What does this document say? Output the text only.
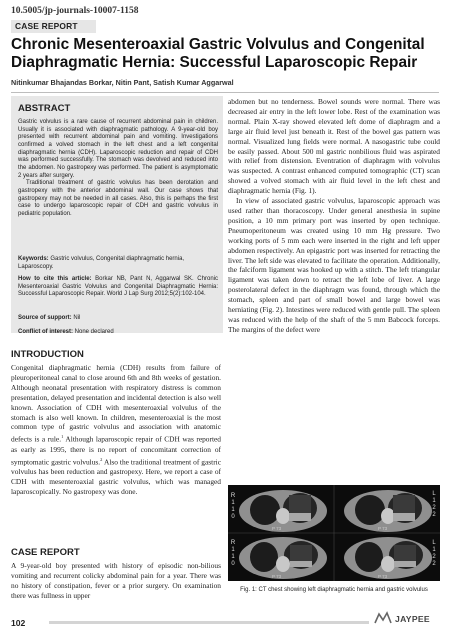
10.5005/jp-journals-10007-1158
CASE REPORT
Chronic Mesenteroaxial Gastric Volvulus and Congenital
Diaphragmatic Hernia: Successful Laparoscopic Repair
Nitinkumar Bhajandas Borkar, Nitin Pant, Satish Kumar Aggarwal
ABSTRACT

Gastric volvulus is a rare cause of recurrent abdominal pain in children. Usually it is associated with diaphragmatic pathology. A 9-year-old boy presented with recurrent abdominal pain and vomiting. Investigations confirmed a volved stomach in the left chest and a left congenital diaphragmatic hernia (CDH). Laparoscopic reduction and repair of CDH was performed successfully. The stomach was devolved and reduced into the abdomen. No gastropexy was performed. The patient is asymptomatic 2 years after surgery.

Traditional treatment of gastric volvulus has been derotation and gastropexy with the anterior abdominal wall. Our case shows that gastropexy may not be needed in all cases. Also, this is perhaps the first case to undergo laparoscopic repair of CDH and gastric volvulus in pediatric population.

Keywords: Gastric volvulus, Congenital diaphragmatic hernia, Laparoscopy.
How to cite this article: Borkar NB, Pant N, Aggarwal SK. Chronic Mesenteroaxial Gastric Volvulus and Congenital Diaphragmatic Hernia: Successful Laparoscopic Repair. World J Lap Surg 2012;5(2):102-104.
Source of support: Nil
Conflict of interest: None declared
INTRODUCTION

Congenital diaphragmatic hernia (CDH) results from failure of pleuroperitoneal canal to close around 6th and 8th weeks of gestation. Although neonatal presentation with respiratory distress is common presentation, delayed presentation and incidental detection is also well known. Association of CDH with mesenteroaxial volvulus of the stomach is also well known. In children, mesenteroaxial is the most common type of gastric volvulus and association with anatomic defects is a rule.$^1$ Although laparoscopic repair of CDH was reported as early as 1995, there is no report of concomitant correction of symptomatic gastric volvulus.$^2$ Also the traditional treatment of gastric volvulus has been reduction and gastropexy. Here, we report a case of CDH with mesenteroaxial gastric volvulus, which was managed laparoscopically. No gastropexy was done.

CASE REPORT

A 9-year-old boy presented with history of episodic non-bilious vomiting and recurrent colicky abdominal pain for a year. There was no history of constipation, fever or a prior surgery. On examination there was fullness in upper

abdomen but no tenderness. Bowel sounds were normal. There was decreased air entry in the left lower lobe. Rest of the examination was normal. Plain X-ray showed elevated left dome of diaphragm and a large air fluid level just beneath it. Rest of the bowel gas pattern was normal. Visualized lung fields were normal. A nasogastric tube could be easily passed. About 500 ml gastric nonbilious fluid was aspirated with relief from distension. Eventration of diaphragm with volvulus was suspected. A contrast enhanced computed tomographic (CT) scan showed a volved stomach with air fluid level in the left chest and diaphragmatic hernia (Fig. 1).

In view of associated gastric volvulus, laparoscopic approach was used rather than thoracoscopy. Under general anesthesia in supine position, a 10 mm primary port was inserted by open technique. Pneumoperitoneum was created using 10 mm Hg pressure. Two working ports of 5 mm each were inserted in the right and left upper abdomen respectively. An epigastric port was inserted for retracting the liver. The left side was elevated to facilitate the operation. Additionally, the falciform ligament was hooked up with a stitch. The left triangular ligament was taken down to retract the left lobe of liver. A large posterolateral defect in the diaphragm was found, through which the stomach, spleen and part of small bowel and large bowel was herniating (Fig. 2). Intestines were reduced with gentle pull. The spleen was reduced with the help of the shaft of the 5 mm Babcock forceps. The margins of the defect were

R 1 1 0
R 1 1 0
L 1 2 2
L 1 2 2
P 73	P 73
P 73	P 73
Fig. 1: CT chest showing left diaphragmatic hernia and gastric volvulus
102	JAYPEE
